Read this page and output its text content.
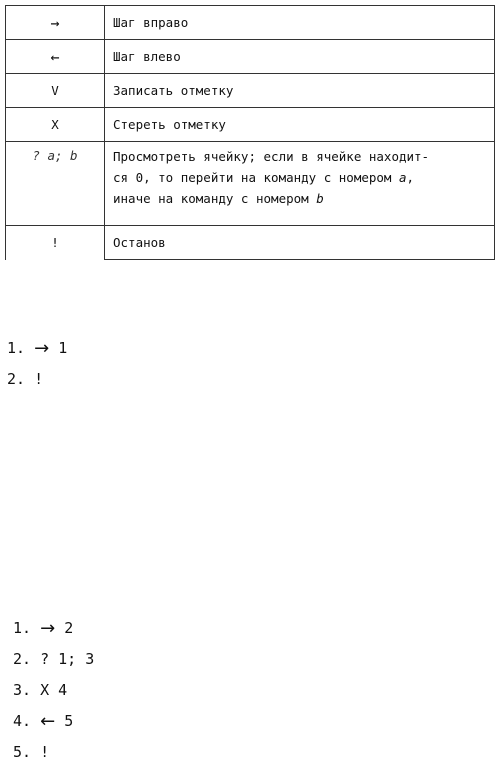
→	Шаг вправо
←	Шаг влево
V	Записать отметку
X	Стереть отметку
? a; b	Просмотреть ячейку; если в ячейке находит-
ся 0, то перейти на команду с номером a,
иначе на команду с номером b

!	Останов
1. → 1
2. !
1. → 2
2. ? 1; 3
3. X 4
4. ← 5
5. !
